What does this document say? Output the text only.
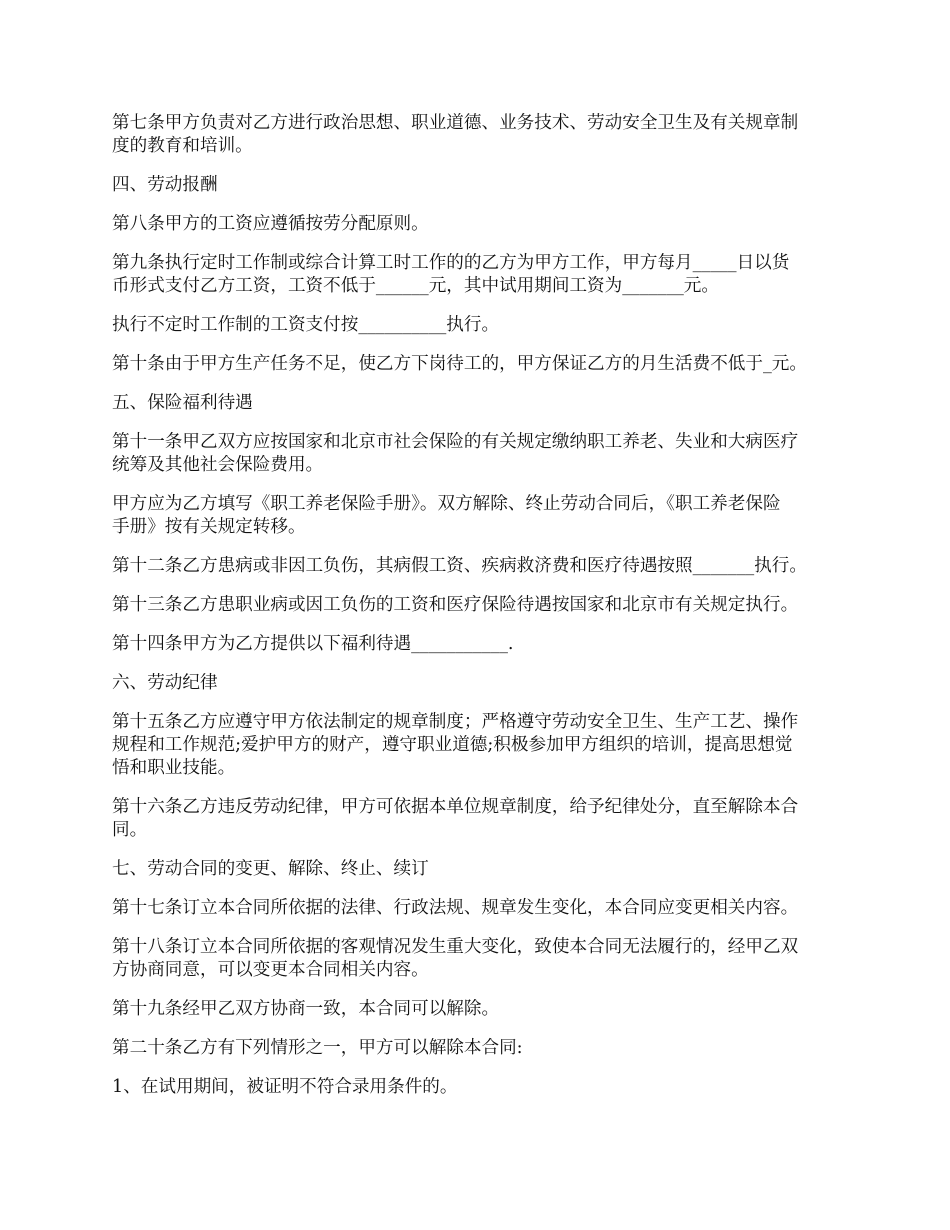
第七条甲方负责对乙方进行政治思想、职业道德、业务技术、劳动安全卫生及有关规章制
度的教育和培训。

四、劳动报酬

第八条甲方的工资应遵循按劳分配原则。

第九条执行定时工作制或综合计算工时工作的的乙方为甲方工作，甲方每月_____日以货
币形式支付乙方工资，工资不低于______元，其中试用期间工资为_______元。

执行不定时工作制的工资支付按__________执行。

第十条由于甲方生产任务不足，使乙方下岗待工的，甲方保证乙方的月生活费不低于_元。

五、保险福利待遇

第十一条甲乙双方应按国家和北京市社会保险的有关规定缴纳职工养老、失业和大病医疗
统筹及其他社会保险费用。

甲方应为乙方填写《职工养老保险手册》。双方解除、终止劳动合同后，《职工养老保险
手册》按有关规定转移。

第十二条乙方患病或非因工负伤，其病假工资、疾病救济费和医疗待遇按照_______执行。

第十三条乙方患职业病或因工负伤的工资和医疗保险待遇按国家和北京市有关规定执行。

第十四条甲方为乙方提供以下福利待遇___________.

六、劳动纪律

第十五条乙方应遵守甲方依法制定的规章制度；严格遵守劳动安全卫生、生产工艺、操作
规程和工作规范;爱护甲方的财产，遵守职业道德;积极参加甲方组织的培训，提高思想觉
悟和职业技能。

第十六条乙方违反劳动纪律，甲方可依据本单位规章制度，给予纪律处分，直至解除本合
同。

七、劳动合同的变更、解除、终止、续订

第十七条订立本合同所依据的法律、行政法规、规章发生变化，本合同应变更相关内容。

第十八条订立本合同所依据的客观情况发生重大变化，致使本合同无法履行的，经甲乙双
方协商同意，可以变更本合同相关内容。

第十九条经甲乙双方协商一致，本合同可以解除。

第二十条乙方有下列情形之一，甲方可以解除本合同:

1、在试用期间，被证明不符合录用条件的。
